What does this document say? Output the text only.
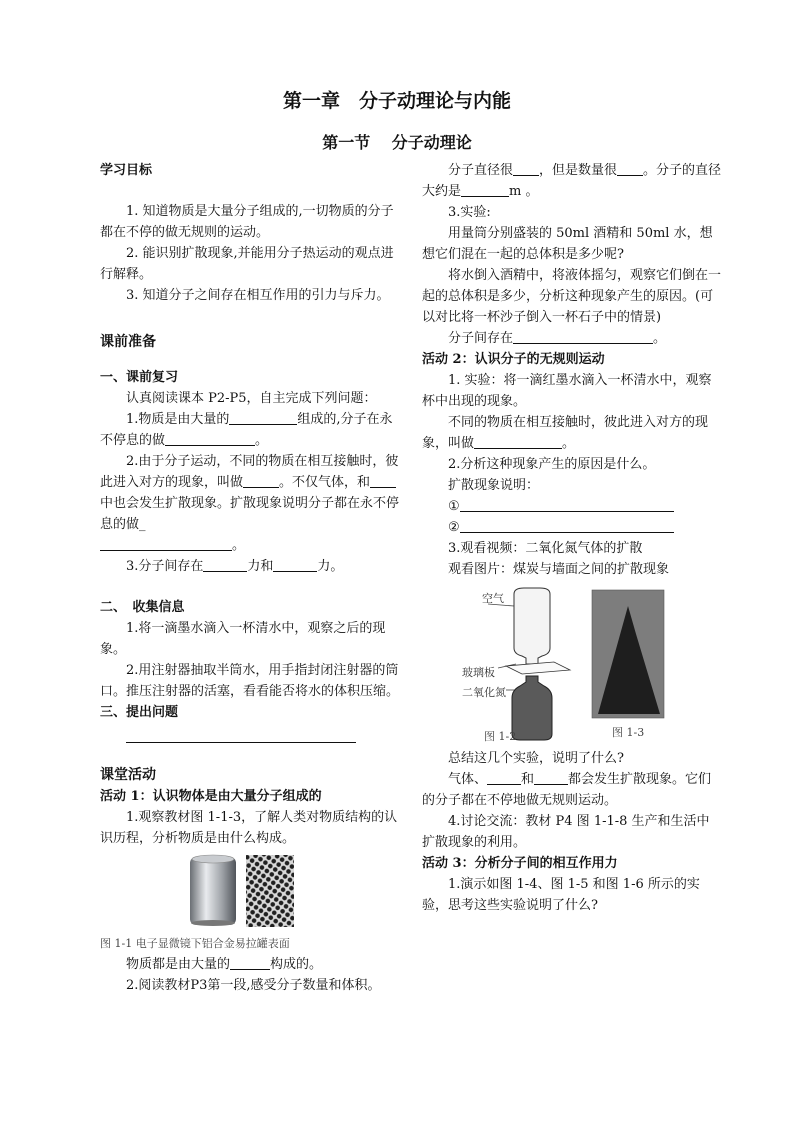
第一章　分子动理论与内能
第一节　 分子动理论

学习目标

1. 知道物质是大量分子组成的,一切物质的分子都在不停的做无规则的运动。

2. 能识别扩散现象,并能用分子热运动的观点进行解释。

3. 知道分子之间存在相互作用的引力与斥力。

课前准备

一、课前复习

认真阅读课本 P2-P5，自主完成下列问题：

1.物质是由大量的	组成的,分子在永不停息的做	。

2.由于分子运动，不同的物质在相互接触时，彼此进入对方的现象，叫做	。不仅气体，和中也会发生扩散现象。扩散现象说明分子都在永不停息的做_
。

3.分子间存在	力和	力。

二、　收集信息

1.将一滴墨水滴入一杯清水中，观察之后的现象。

2.用注射器抽取半筒水，用手指封闭注射器的筒口。推压注射器的活塞，看看能否将水的体积压缩。

三、提出问题

课堂活动

活动 1：认识物体是由大量分子组成的

1.观察教材图 1-1-3，了解人类对物质结构的认识历程，分析物质是由什么构成。

图 1-1 电子显微镜下铝合金易拉罐表面

物质都是由大量的	构成的。

2.阅读教材P3第一段,感受分子数量和体积。

分子直径很 ，但是数量很 。分子的直径大约是	m 。

3.实验:

用量筒分别盛装的 50ml 酒精和 50ml 水，想想它们混在一起的总体积是多少呢?

将水倒入酒精中，将液体摇匀，观察它们倒在一起的总体积是多少，分析这种现象产生的原因。(可以对比将一杯沙子倒入一杯石子中的情景)

分子间存在	。

活动 2：认识分子的无规则运动

1. 实验：将一滴红墨水滴入一杯清水中，观察杯中出现的现象。

不同的物质在相互接触时，彼此进入对方的现象，叫做	。

2.分析这种现象产生的原因是什么。

扩散现象说明：

①

②

3.观看视频：二氧化氮气体的扩散

观看图片：煤炭与墙面之间的扩散现象

空气
玻璃板
二氧化氮
图 1-2	图 1-3

总结这几个实验，说明了什么?

气体、	和	都会发生扩散现象。它们的分子都在不停地做无规则运动。

4.讨论交流：教材 P4 图 1-1-8 生产和生活中扩散现象的利用。

活动 3：分析分子间的相互作用力

1.演示如图 1-4、图 1-5 和图 1-6 所示的实验，思考这些实验说明了什么?
